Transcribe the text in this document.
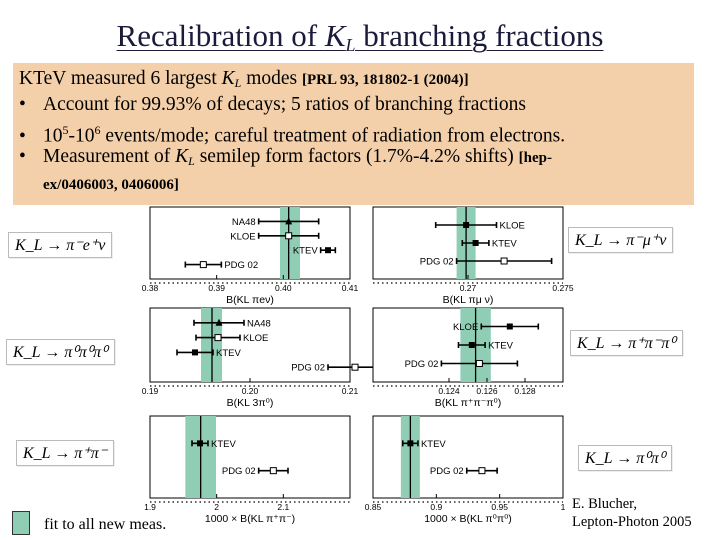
Recalibration of $K_L$ branching fractions
KTeV measured 6 largest $K_L$ modes [PRL 93, 181802-1 (2004)]
• Account for 99.93% of decays; 5 ratios of branching fractions
• $10^5-10^6$ events/mode; careful treatment of radiation from electrons.
• Measurement of $K_L$ semilep form factors (1.7%-4.2% shifts) [hep-
ex/0406003, 0406006]
NA48
KLOE
KTEV
PDG 02
0.38	0.39	0.40	0.41
B(KL πeν)
KLOE
KTEV
PDG 02
0.27	0.275
B(KL πμ ν)
NA48
KLOE
KTEV
PDG 02
0.19	0.20	0.21
B(KL 3π⁰)
KLOE
KTEV
PDG 02
0.124 0.126 0.128
B(KL π⁺π⁻π⁰)
KTEV
PDG 02
1.9	2	2.1
1000 × B(KL π⁺π⁻)
KTEV
PDG 02
0.85	0.9	0.95	1
1000 × B(KL π⁰π⁰)
K_L → π⁻e⁺ν	K_L → π⁻μ⁺ν
K_L → π⁰π⁰π⁰
K_L → π⁺π⁻π⁰
K_L → π⁺π⁻	K_L → π⁰π⁰
fit to all new meas.
E. Blucher,
Lepton-Photon 2005
